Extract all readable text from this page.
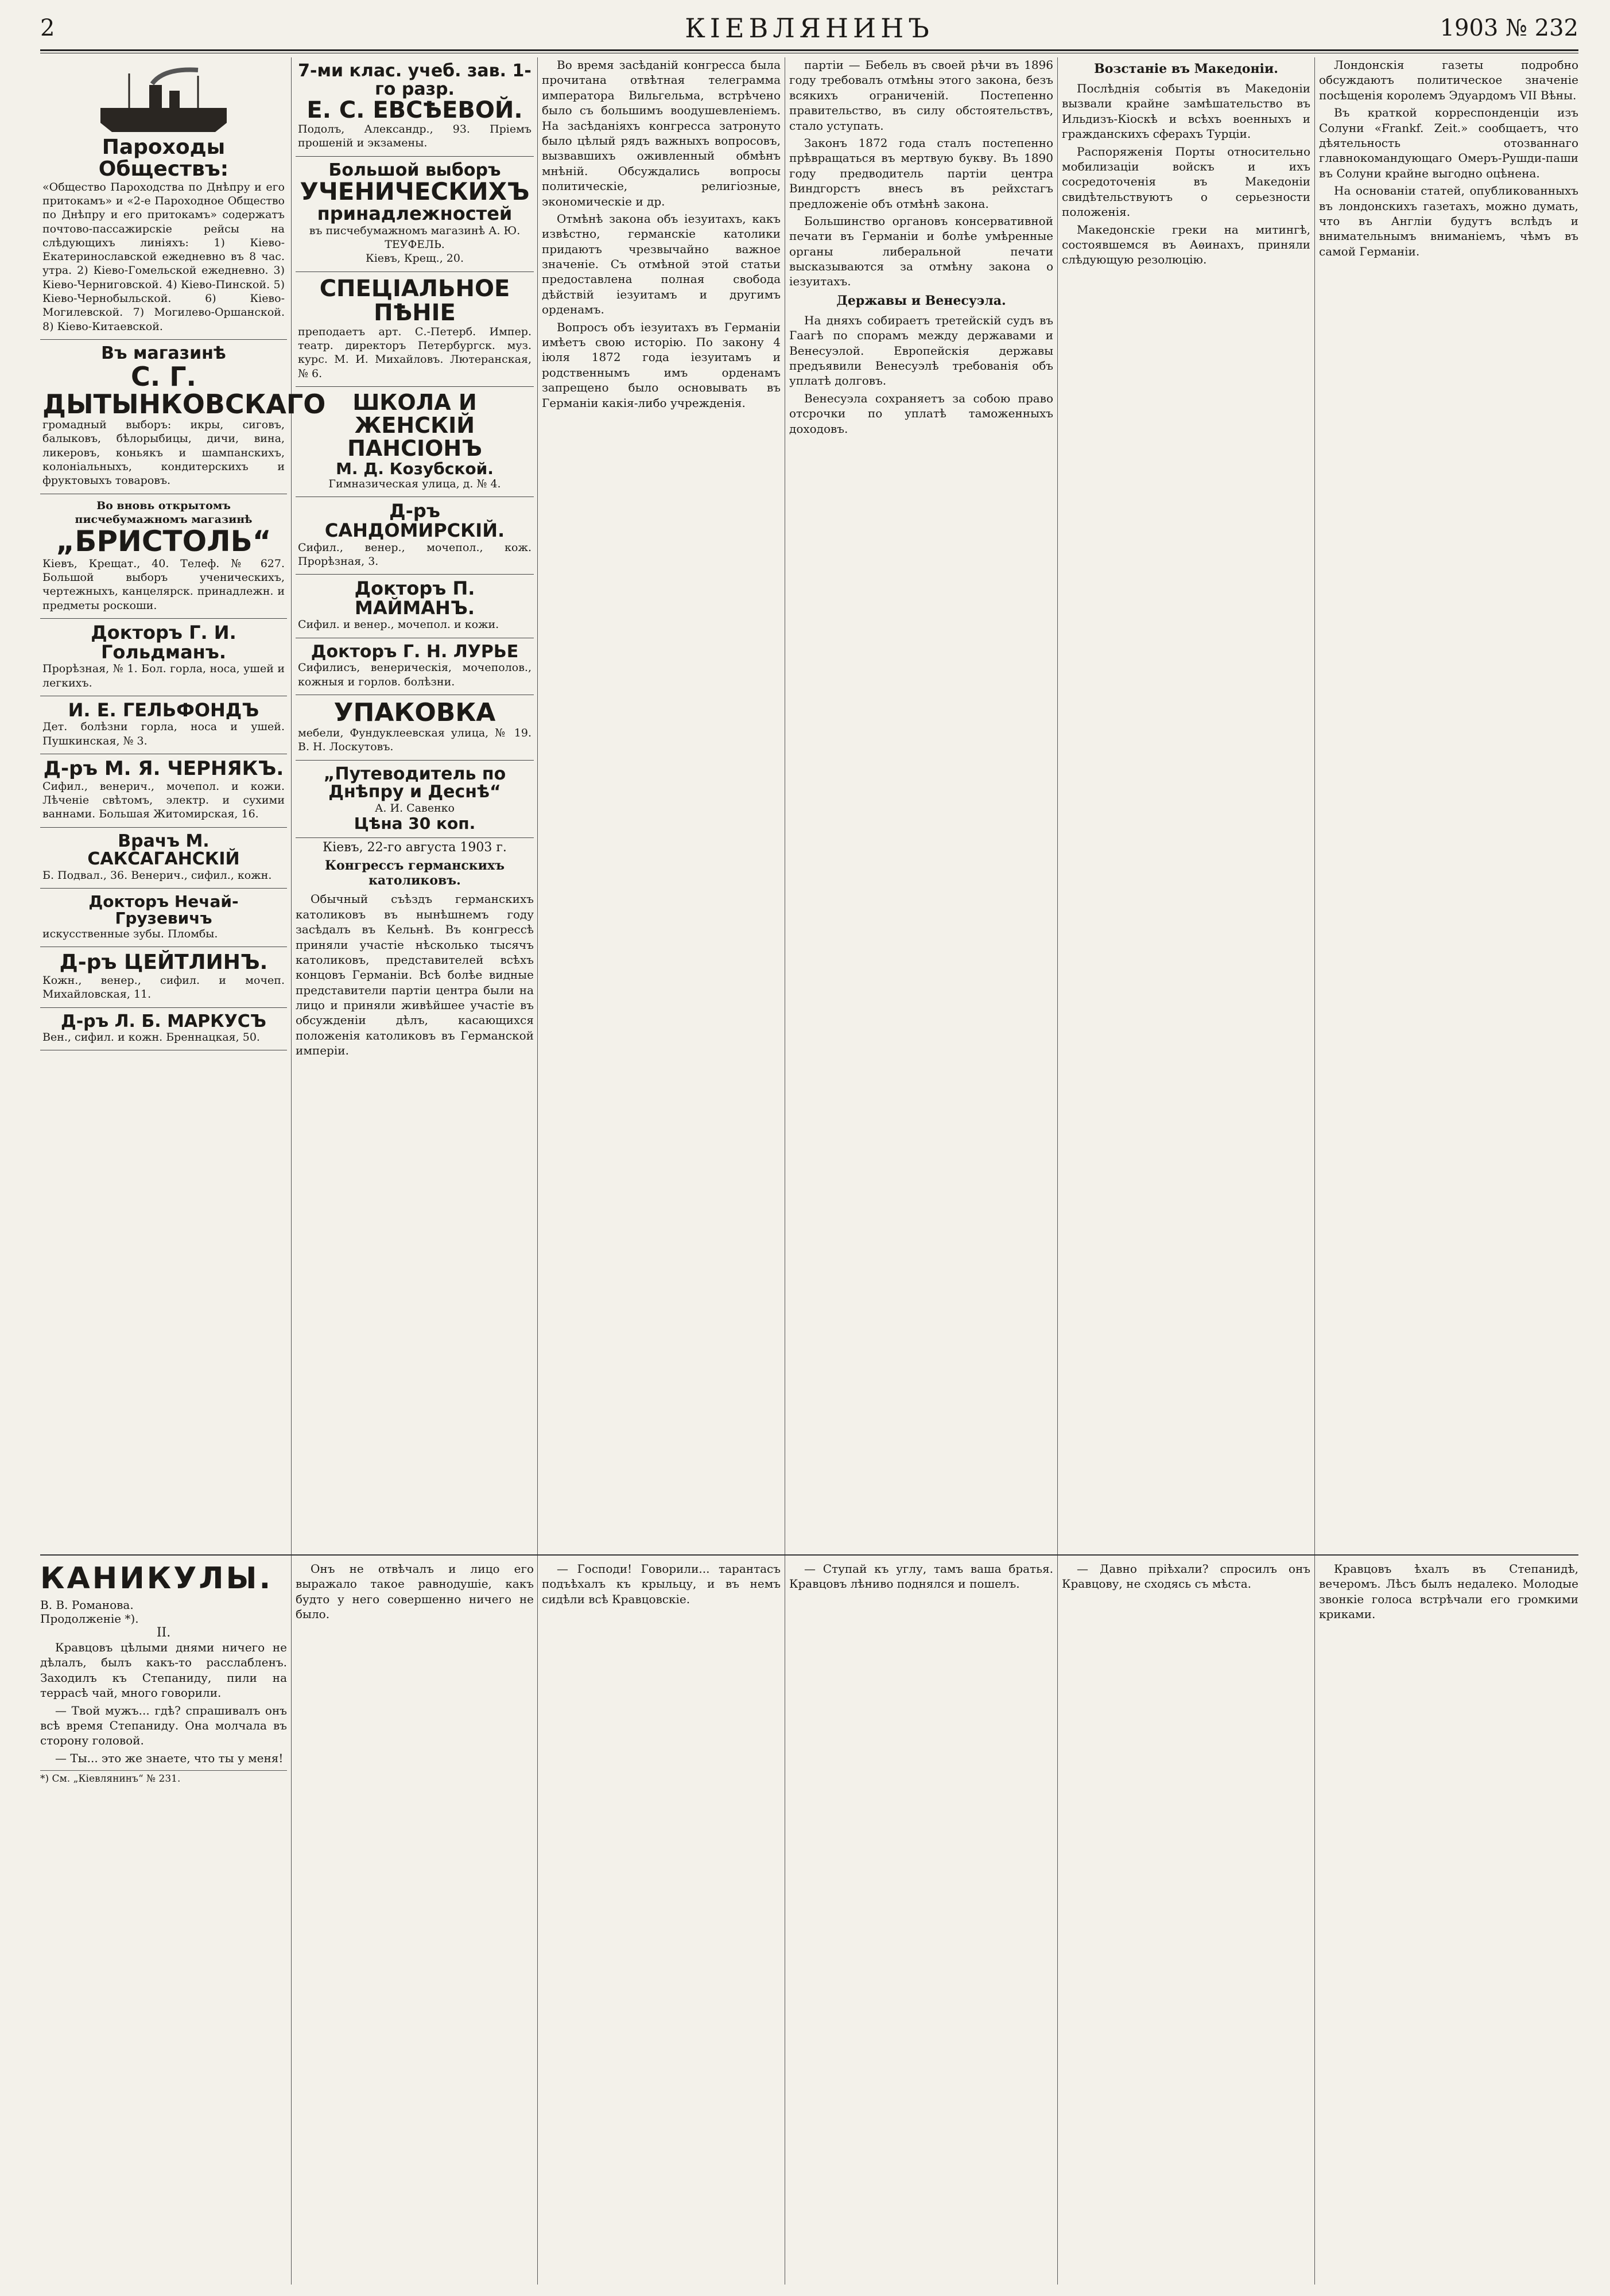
2	КІЕВЛЯНИНЪ	1903 № 232
Пароходы Обществъ:
«Общество Пароходства по Днѣпру и его притокамъ» и «2-е Пароходное Общество по Днѣпру и его притокамъ» содержатъ почтово-пассажирскіе рейсы на слѣдующихъ линіяхъ: 1) Кіево-Екатеринославской ежедневно въ 8 час. утра. 2) Кіево-Гомельской ежедневно. 3) Кіево-Черниговской. 4) Кіево-Пинской. 5) Кіево-Чернобыльской. 6) Кіево-Могилевской. 7) Могилево-Оршанской. 8) Кіево-Китаевской.
Въ магазинѣ
С. Г. ДЫТЫНКОВСКАГО
громадный выборъ: икры, сиговъ, балыковъ, бѣлорыбицы, дичи, вина, ликеровъ, коньякъ и шампанскихъ, колоніальныхъ, кондитерскихъ и фруктовыхъ товаровъ.
Во вновь открытомъ писчебумажномъ магазинѣ
„БРИСТОЛЬ“
Кіевъ, Крещат., 40. Телеф. № 627. Большой выборъ ученическихъ, чертежныхъ, канцелярск. принадлежн. и предметы роскоши.
Докторъ Г. И. Гольдманъ.
Прорѣзная, № 1. Бол. горла, носа, ушей и легкихъ.
И. Е. ГЕЛЬФОНДЪ
Дет. болѣзни горла, носа и ушей. Пушкинская, № 3.
Д-ръ М. Я. ЧЕРНЯКЪ.
Сифил., венерич., мочепол. и кожи. Лѣченіе свѣтомъ, электр. и сухими ваннами. Большая Житомирская, 16.
Врачъ М. САКСАГАНСКІЙ
Б. Подвал., 36. Венерич., сифил., кожн.
Докторъ Нечай-Грузевичъ
искусственные зубы. Пломбы.
Д-ръ ЦЕЙТЛИНЪ.
Кожн., венер., сифил. и мочеп. Михайловская, 11.
Д-ръ Л. Б. МАРКУСЪ
Вен., сифил. и кожн. Бреннацкая, 50.
7-ми клас. учеб. зав. 1-го разр.
Е. С. ЕВСѢЕВОЙ.
Подолъ, Александр., 93. Пріемъ прошеній и экзамены.
Большой выборъ
УЧЕНИЧЕСКИХЪ
принадлежностей
въ писчебумажномъ магазинѣ А. Ю. ТЕУФЕЛЬ.
Кіевъ, Крещ., 20.
СПЕЦІАЛЬНОЕ ПѢНІЕ
преподаетъ арт. С.-Петерб. Импер. театр. директоръ Петербургск. муз. курс. М. И. Михайловъ. Лютеранская, № 6.
ШКОЛА И ЖЕНСКІЙ ПАНСІОНЪ
М. Д. Козубской.
Гимназическая улица, д. № 4.
Д-ръ САНДОМИРСКІЙ.
Сифил., венер., мочепол., кож. Прорѣзная, 3.
Докторъ П. МАЙМАНЪ.
Сифил. и венер., мочепол. и кожи.
Докторъ Г. Н. ЛУРЬЕ
Сифилисъ, венерическія, мочеполов., кожныя и горлов. болѣзни.
УПАКОВКА
мебели, Фундуклеевская улица, № 19. В. Н. Лоскутовъ.
„Путеводитель по Днѣпру и Деснѣ“
А. И. Савенко
Цѣна 30 коп.
Кіевъ, 22-го августа 1903 г.
Конгрессъ германскихъ католиковъ.

Обычный съѣздъ германскихъ католиковъ въ нынѣшнемъ году засѣдалъ въ Кельнѣ. Въ конгрессѣ приняли участіе нѣсколько тысячъ католиковъ, представителей всѣхъ концовъ Германіи. Всѣ болѣе видные представители партіи центра были на лицо и приняли живѣйшее участіе въ обсужденіи дѣлъ, касающихся положенія католиковъ въ Германской имперіи.

Во время засѣданій конгресса была прочитана отвѣтная телеграмма императора Вильгельма, встрѣчено было съ большимъ воодушевленіемъ. На засѣданіяхъ конгресса затронуто было цѣлый рядъ важныхъ вопросовъ, вызвавшихъ оживленный обмѣнъ мнѣній. Обсуждались вопросы политическіе, религіозные, экономическіе и др.

Отмѣнѣ закона объ іезуитахъ, какъ извѣстно, германскіе католики придаютъ чрезвычайно важное значеніе. Съ отмѣной этой статьи предоставлена полная свобода дѣйствій іезуитамъ и другимъ орденамъ.

Вопросъ объ іезуитахъ въ Германіи имѣетъ свою исторію. По закону 4 іюля 1872 года іезуитамъ и родственнымъ имъ орденамъ запрещено было основывать въ Германіи какія-либо учрежденія.

партіи — Бебель въ своей рѣчи въ 1896 году требовалъ отмѣны этого закона, безъ всякихъ ограниченій. Постепенно правительство, въ силу обстоятельствъ, стало уступать.

Законъ 1872 года сталъ постепенно прѣвращаться въ мертвую букву. Въ 1890 году предводитель партіи центра Виндгорстъ внесъ въ рейхстагъ предложеніе объ отмѣнѣ закона.

Большинство органовъ консервативной печати въ Германіи и болѣе умѣренные органы либеральной печати высказываются за отмѣну закона о іезуитахъ.

Державы и Венесуэла.

На дняхъ собираетъ третейскій судъ въ Гаагѣ по спорамъ между державами и Венесуэлой. Европейскія державы предъявили Венесуэлѣ требованія объ уплатѣ долговъ.

Венесуэла сохраняетъ за собою право отсрочки по уплатѣ таможенныхъ доходовъ.

Возстаніе въ Македоніи.

Послѣднія событія въ Македоніи вызвали крайне замѣшательство въ Ильдизъ-Кіоскѣ и всѣхъ военныхъ и гражданскихъ сферахъ Турціи.

Распоряженія Порты относительно мобилизаціи войскъ и ихъ сосредоточенія въ Македоніи свидѣтельствуютъ о серьезности положенія.

Македонскіе греки на митингѣ, состоявшемся въ Аѳинахъ, приняли слѣдующую резолюцію.

Лондонскія газеты подробно обсуждаютъ политическое значеніе посѣщенія королемъ Эдуардомъ VII Вѣны.

Въ краткой корреспонденціи изъ Солуни «Frankf. Zeit.» сообщаетъ, что дѣятельность отозваннаго главнокомандующаго Омеръ-Рушди-паши въ Солуни крайне выгодно оцѣнена.

На основаніи статей, опубликованныхъ въ лондонскихъ газетахъ, можно думать, что въ Англіи будутъ вслѣдъ и внимательнымъ вниманіемъ, чѣмъ въ самой Германіи.

КАНИКУЛЫ.
В. В. Романова.
Продолженіе *).
II.

Кравцовъ цѣлыми днями ничего не дѣлалъ, былъ какъ-то расслабленъ. Заходилъ къ Степаниду, пили на террасѣ чай, много говорили.

— Твой мужъ... гдѣ? спрашивалъ онъ всѣ время Степаниду. Она молчала въ сторону головой.

— Ты... это же знаете, что ты у меня!

*) См. „Кіевлянинъ“ № 231.

Онъ не отвѣчалъ и лицо его выражало такое равнодушіе, какъ будто у него совершенно ничего не было.

— Господи! Говорили... тарантасъ подъѣхалъ къ крыльцу, и въ немъ сидѣли всѣ Кравцовскіе.

— Ступай къ углу, тамъ ваша братья. Кравцовъ лѣниво поднялся и пошелъ.

— Давно пріѣхали? спросилъ онъ Кравцову, не сходясь съ мѣста.

Кравцовъ ѣхалъ въ Степанидѣ, вечеромъ. Лѣсъ былъ недалеко. Молодые звонкіе голоса встрѣчали его громкими криками.
